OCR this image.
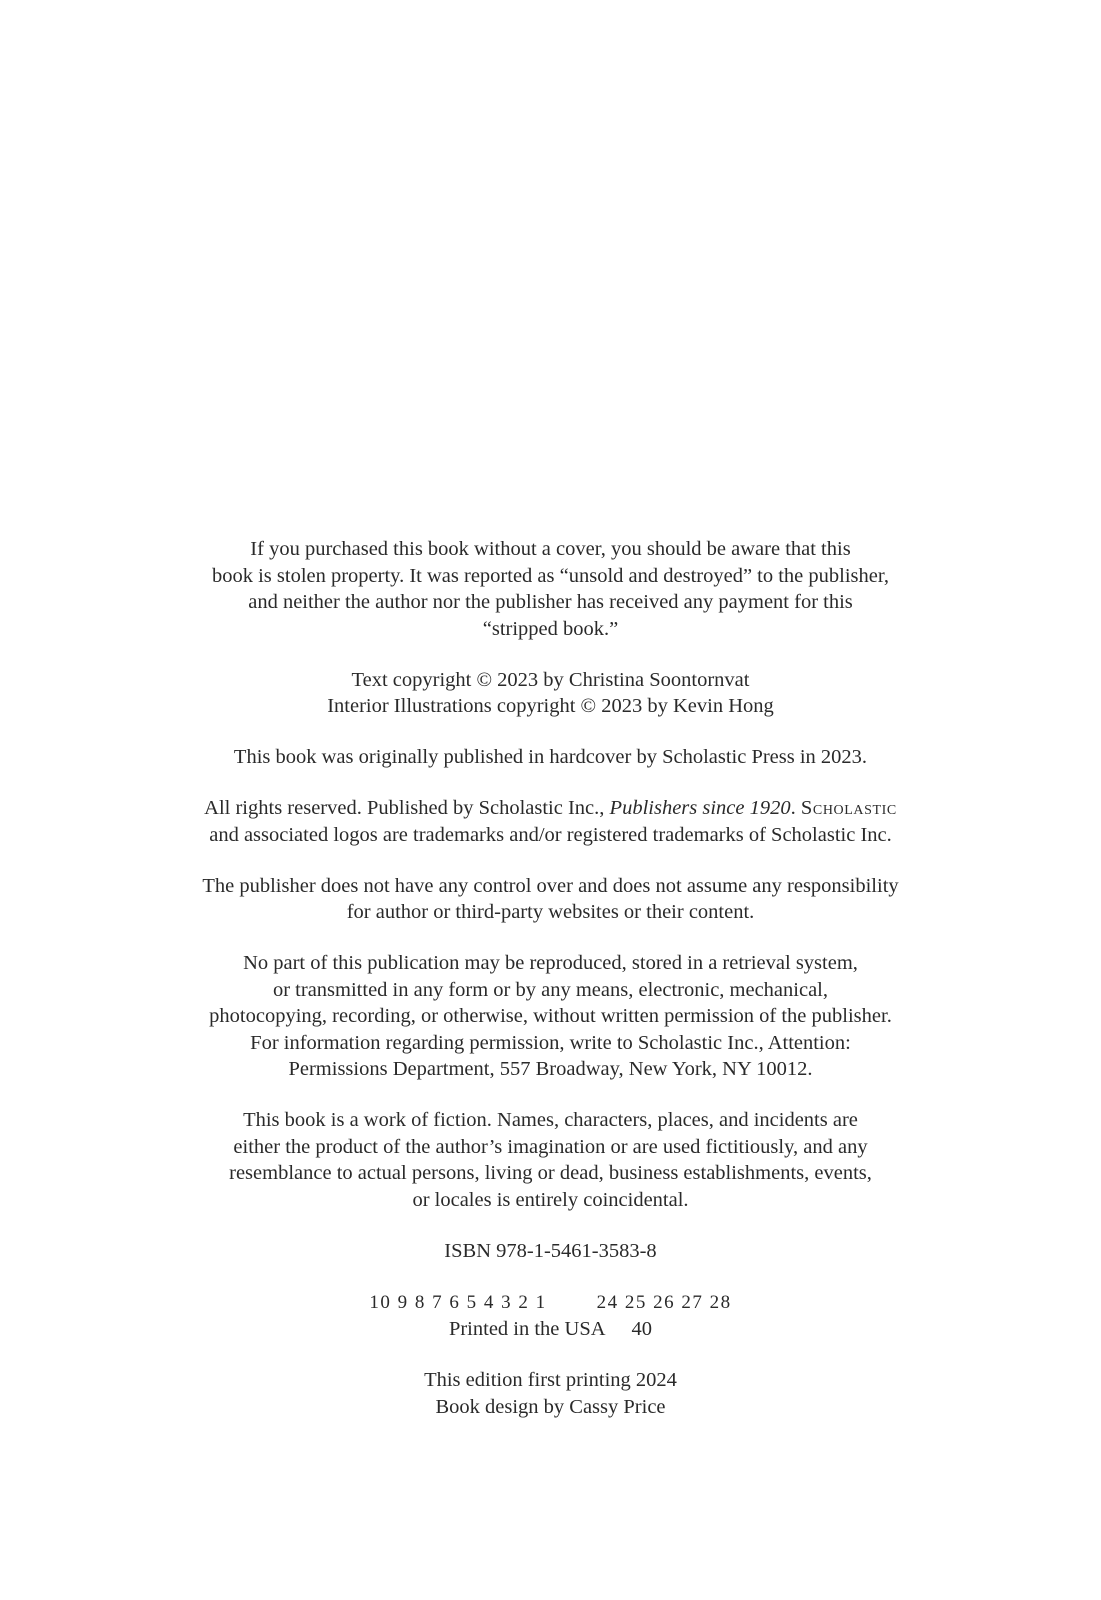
If you purchased this book without a cover, you should be aware that this
book is stolen property. It was reported as “unsold and destroyed” to the publisher,
and neither the author nor the publisher has received any payment for this
“stripped book.”

Text copyright © 2023 by Christina Soontornvat
Interior Illustrations copyright © 2023 by Kevin Hong

This book was originally published in hardcover by Scholastic Press in 2023.

All rights reserved. Published by Scholastic Inc., Publishers since 1920. Scholastic
and associated logos are trademarks and/or registered trademarks of Scholastic Inc.

The publisher does not have any control over and does not assume any responsibility
for author or third-party websites or their content.

No part of this publication may be reproduced, stored in a retrieval system,
or transmitted in any form or by any means, electronic, mechanical,
photocopying, recording, or otherwise, without written permission of the publisher.
For information regarding permission, write to Scholastic Inc., Attention:
Permissions Department, 557 Broadway, New York, NY 10012.

This book is a work of fiction. Names, characters, places, and incidents are
either the product of the author’s imagination or are used fictitiously, and any
resemblance to actual persons, living or dead, business establishments, events,
or locales is entirely coincidental.

ISBN 978-1-5461-3583-8

10 9 8 7 6 5 4 3 2 1	24 25 26 27 28
Printed in the USA 40

This edition first printing 2024
Book design by Cassy Price
